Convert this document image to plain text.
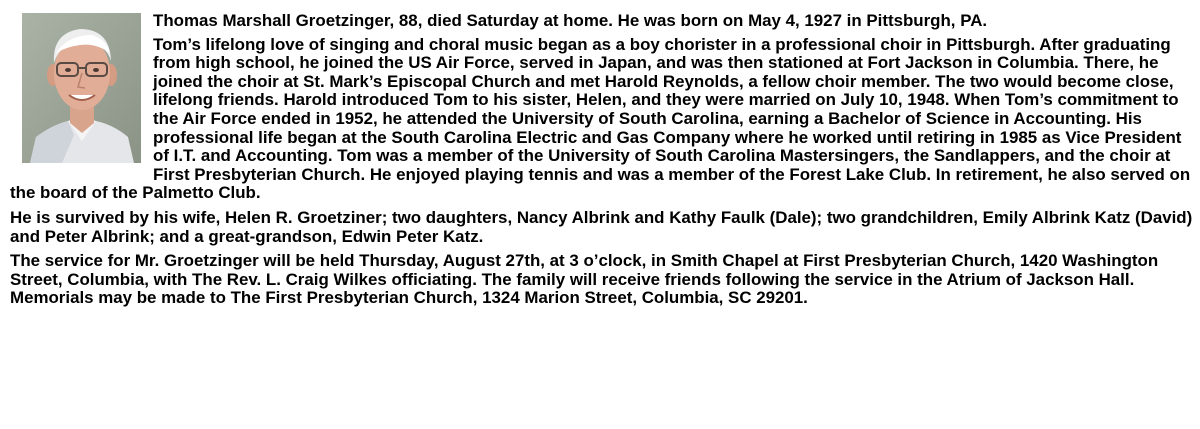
Thomas Marshall Groetzinger, 88, died Saturday at home. He was born on May 4, 1927 in Pittsburgh, PA.

Tom’s lifelong love of singing and choral music began as a boy chorister in a professional choir in Pittsburgh. After graduating from high school, he joined the US Air Force, served in Japan, and was then stationed at Fort Jackson in Columbia. There, he joined the choir at St. Mark’s Episcopal Church and met Harold Reynolds, a fellow choir member. The two would become close, lifelong friends. Harold introduced Tom to his sister, Helen, and they were married on July 10, 1948. When Tom’s commitment to the Air Force ended in 1952, he attended the University of South Carolina, earning a Bachelor of Science in Accounting. His professional life began at the South Carolina Electric and Gas Company where he worked until retiring in 1985 as Vice President of I.T. and Accounting. Tom was a member of the University of South Carolina Mastersingers, the Sandlappers, and the choir at First Presbyterian Church. He enjoyed playing tennis and was a member of the Forest Lake Club. In retirement, he also served on the board of the Palmetto Club.

He is survived by his wife, Helen R. Groetziner; two daughters, Nancy Albrink and Kathy Faulk (Dale); two grandchildren, Emily Albrink Katz (David) and Peter Albrink; and a great-grandson, Edwin Peter Katz.

The service for Mr. Groetzinger will be held Thursday, August 27th, at 3 o’clock, in Smith Chapel at First Presbyterian Church, 1420 Washington Street, Columbia, with The Rev. L. Craig Wilkes officiating. The family will receive friends following the service in the Atrium of Jackson Hall. Memorials may be made to The First Presbyterian Church, 1324 Marion Street, Columbia, SC 29201.
